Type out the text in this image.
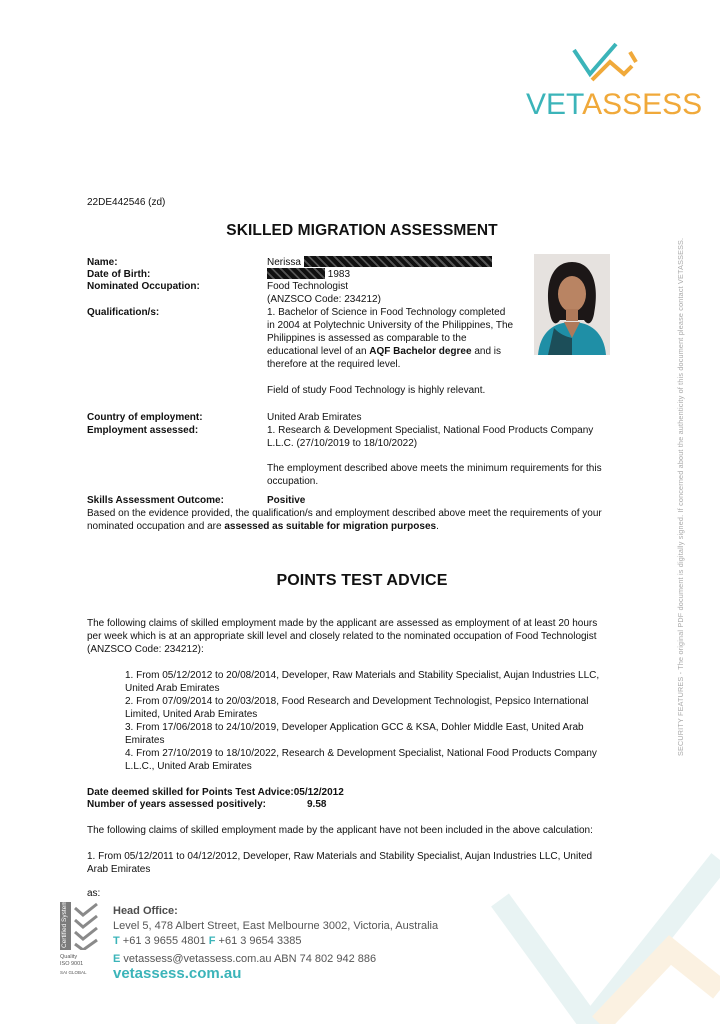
VETASSESS
SECURITY FEATURES - The original PDF document is digitally signed. If concerned about the authenticity of this document please contact VETASSESS.
22DE442546 (zd)
SKILLED MIGRATION ASSESSMENT
Name:
Date of Birth:
Nominated Occupation:
Qualification/s:
Nerissa
1983
Food Technologist
(ANZSCO Code: 234212)

1. Bachelor of Science in Food Technology completed

in 2004 at Polytechnic University of the Philippines, The

Philippines is assessed as comparable to the

educational level of an AQF Bachelor degree and is

therefore at the required level.

Field of study Food Technology is highly relevant.
Country of employment:
Employment assessed:
United Arab Emirates

1. Research & Development Specialist, National Food Products Company

L.L.C. (27/10/2019 to 18/10/2022)

The employment described above meets the minimum requirements for this

occupation.

Skills Assessment Outcome:	Positive

Based on the evidence provided, the qualification/s and employment described above meet the requirements of your

nominated occupation and are assessed as suitable for migration purposes.

POINTS TEST ADVICE

The following claims of skilled employment made by the applicant are assessed as employment of at least 20 hours

per week which is at an appropriate skill level and closely related to the nominated occupation of Food Technologist

(ANZSCO Code: 234212):

1. From 05/12/2012 to 20/08/2014, Developer, Raw Materials and Stability Specialist, Aujan Industries LLC,

United Arab Emirates

2. From 07/09/2014 to 20/03/2018, Food Research and Development Technologist, Pepsico International

Limited, United Arab Emirates

3. From 17/06/2018 to 24/10/2019, Developer Application GCC & KSA, Dohler Middle East, United Arab

Emirates

4. From 27/10/2019 to 18/10/2022, Research & Development Specialist, National Food Products Company

L.L.C., United Arab Emirates

Date deemed skilled for Points Test Advice:05/12/2012
Number of years assessed positively:	9.58
The following claims of skilled employment made by the applicant have not been included in the above calculation:

1. From 05/12/2011 to 04/12/2012, Developer, Raw Materials and Stability Specialist, Aujan Industries LLC, United

Arab Emirates

as:
Certified System
Quality
ISO 9001
SAI GLOBAL
Head Office:
Level 5, 478 Albert Street, East Melbourne 3002, Victoria, Australia
T +61 3 9655 4801 F +61 3 9654 3385
E vetassess@vetassess.com.au ABN 74 802 942 886
vetassess.com.au
